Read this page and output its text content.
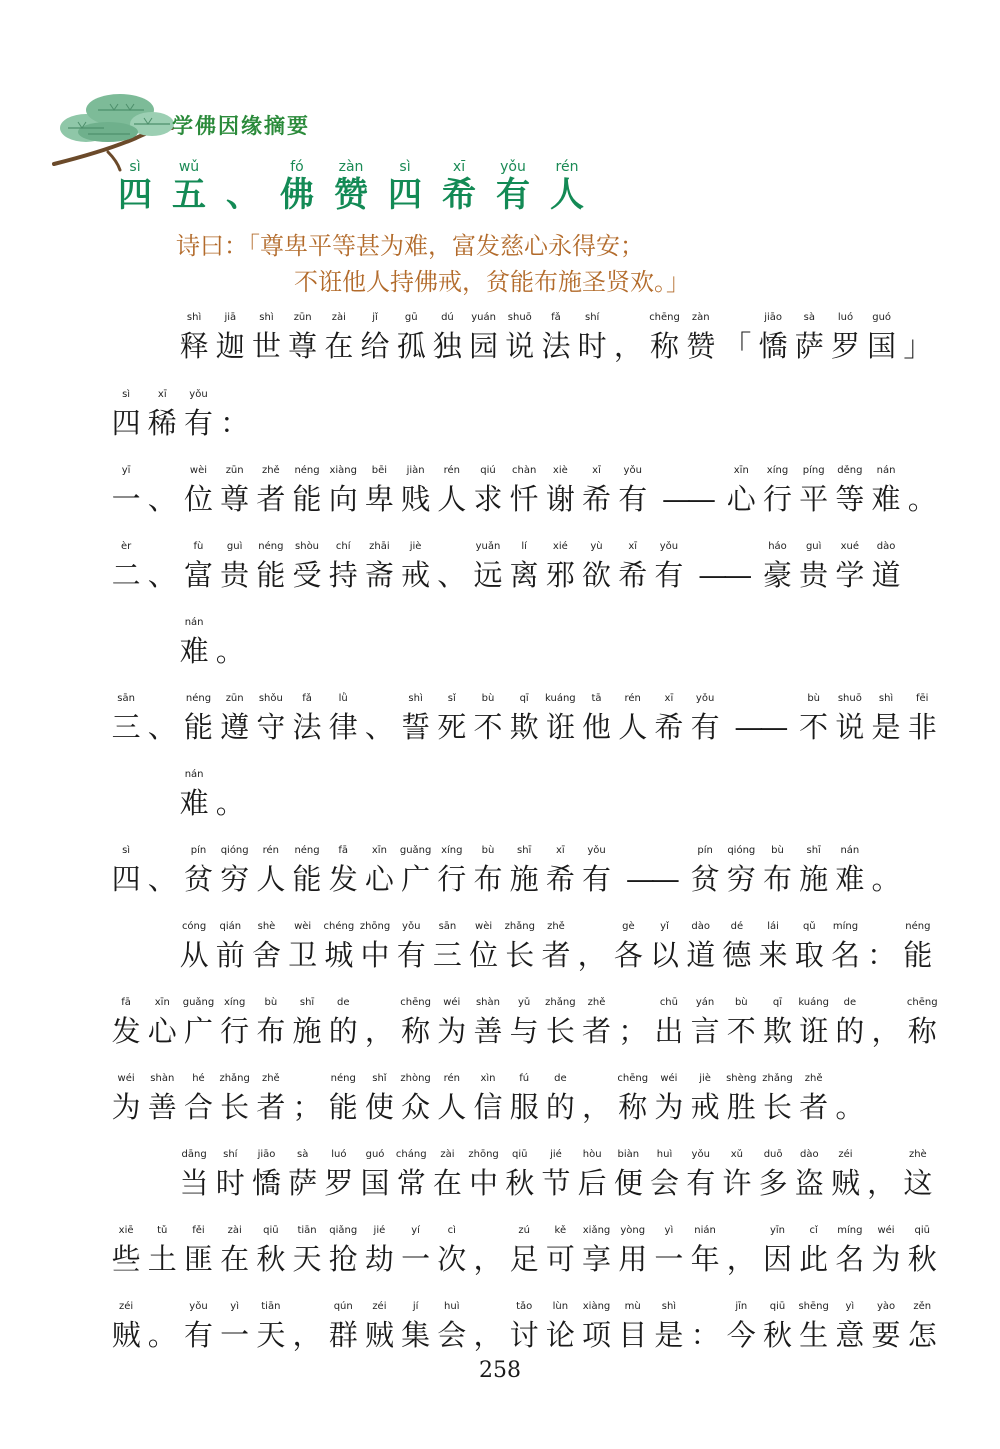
学佛因缘摘要
sì
四
wǔ
五 、
fó
佛
zàn
赞
sì
四
xī
希
yǒu
有
rén
人
诗曰：「尊卑平等甚为难，富发慈心永得安；
不诳他人持佛戒，贫能布施圣贤欢。」
shì
释
jiā
迦
shì
世
zūn
尊
zài
在
jǐ
给
gū
孤
dú
独
yuán
园
shuō
说
fǎ
法
shí
时 ，
chēng
称
zàn
赞 「
jiāo
憍
sà
萨
luó
罗
guó
国 」
sì
四
xī
稀
yǒu
有 ：
yī
一 、
wèi
位
zūn
尊
zhě
者
néng
能
xiàng
向
bēi
卑
jiàn
贱
rén
人
qiú
求
chàn
忏
xiè
谢
xī
希
yǒu
有 ——
xīn
心
xíng
行
píng
平
děng
等
nán
难 。
èr
二 、
fù
富
guì
贵
néng
能
shòu
受
chí
持
zhāi
斋
jiè
戒 、
yuǎn
远
lí
离
xié
邪
yù
欲
xī
希
yǒu
有 ——
háo
豪
guì
贵
xué
学
dào
道
nán
难 。
sān
三 、
néng
能
zūn
遵
shǒu
守
fǎ
法
lǜ
律 、
shì
誓
sǐ
死
bù
不
qī
欺
kuáng
诳
tā
他
rén
人
xī
希
yǒu
有 ——
bù
不
shuō
说
shì
是
fēi
非
nán
难 。
sì
四 、
pín
贫
qióng
穷
rén
人
néng
能
fā
发
xīn
心
guǎng
广
xíng
行
bù
布
shī
施
xī
希
yǒu
有 ——
pín
贫
qióng
穷
bù
布
shī
施
nán
难 。
cóng
从
qián
前
shè
舍
wèi
卫
chéng
城
zhōng
中
yǒu
有
sān
三
wèi
位
zhǎng
长
zhě
者 ，
gè
各
yǐ
以
dào
道
dé
德
lái
来
qǔ
取
míng
名 ：
néng
能
fā
发
xīn
心
guǎng
广
xíng
行
bù
布
shī
施
de
的 ，
chēng
称
wéi
为
shàn
善
yǔ
与
zhǎng
长
zhě
者 ；
chū
出
yán
言
bù
不
qī
欺
kuáng
诳
de
的 ，
chēng
称
wéi
为
shàn
善
hé
合
zhǎng
长
zhě
者 ；
néng
能
shǐ
使
zhòng
众
rén
人
xìn
信
fú
服
de
的 ，
chēng
称
wéi
为
jiè
戒
shèng
胜
zhǎng
长
zhě
者 。
dāng
当
shí
时
jiāo
憍
sà
萨
luó
罗
guó
国
cháng
常
zài
在
zhōng
中
qiū
秋
jié
节
hòu
后
biàn
便
huì
会
yǒu
有
xǔ
许
duō
多
dào
盗
zéi
贼 ，
zhè
这
xiē
些
tǔ
土
fěi
匪
zài
在
qiū
秋
tiān
天
qiǎng
抢
jié
劫
yí
一
cì
次 ，
zú
足
kě
可
xiǎng
享
yòng
用
yì
一
nián
年 ，
yīn
因
cǐ
此
míng
名
wéi
为
qiū
秋
zéi
贼 。
yǒu
有
yì
一
tiān
天 ，
qún
群
zéi
贼
jí
集
huì
会 ，
tǎo
讨
lùn
论
xiàng
项
mù
目
shì
是 ：
jīn
今
qiū
秋
shēng
生
yì
意
yào
要
zěn
怎
258
